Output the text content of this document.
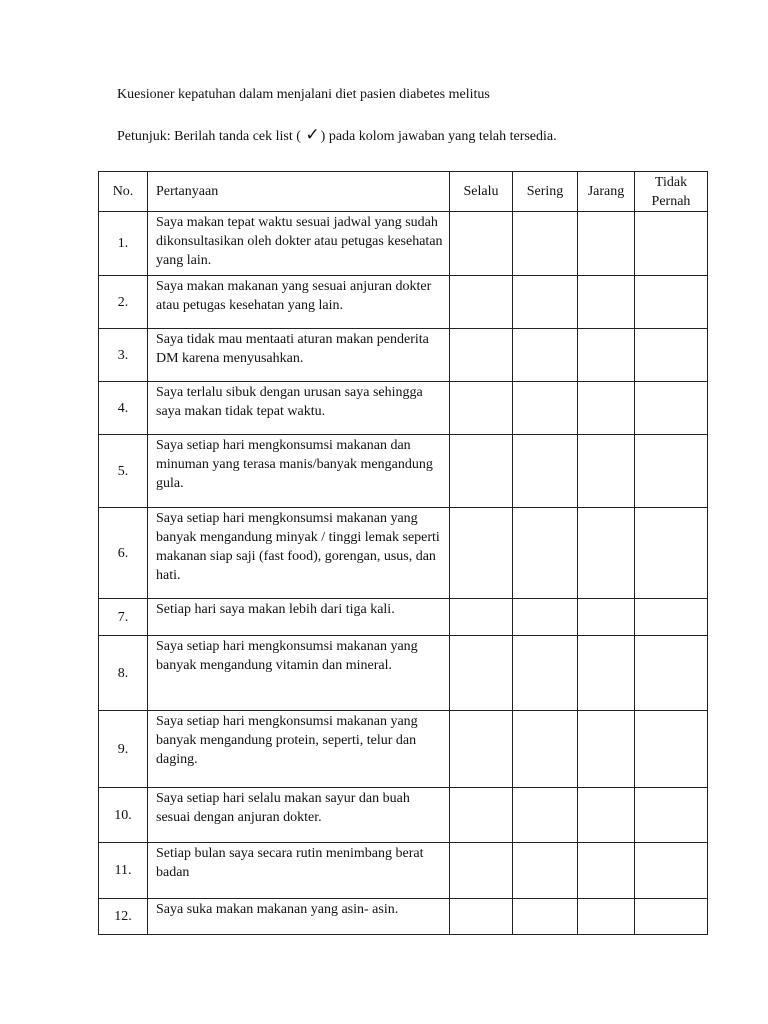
Kuesioner kepatuhan dalam menjalani diet pasien diabetes melitus
Petunjuk: Berilah tanda cek list ( ✓) pada kolom jawaban yang telah tersedia.
No.	Pertanyaan	Selalu	Sering	Jarang	Tidak
Pernah
1.	Saya makan tepat waktu sesuai jadwal yang sudah dikonsultasikan oleh dokter atau petugas kesehatan yang lain.				

2.	Saya makan makanan yang sesuai anjuran dokter atau petugas kesehatan yang lain.				

3.	Saya tidak mau mentaati aturan makan penderita DM karena menyusahkan.				

4.	Saya terlalu sibuk dengan urusan saya sehingga saya makan tidak tepat waktu.				

5.	Saya setiap hari mengkonsumsi makanan dan minuman yang terasa manis/banyak mengandung gula.				

6.	Saya setiap hari mengkonsumsi makanan yang banyak mengandung minyak / tinggi lemak seperti makanan siap saji (fast food), gorengan, usus, dan hati.				

7.	Setiap hari saya makan lebih dari tiga kali.				

8.	Saya setiap hari mengkonsumsi makanan yang banyak mengandung vitamin dan mineral.				

9.	Saya setiap hari mengkonsumsi makanan yang banyak mengandung protein, seperti, telur dan daging.				

10.	Saya setiap hari selalu makan sayur dan buah sesuai dengan anjuran dokter.				

11.	Setiap bulan saya secara rutin menimbang berat badan				

12.	Saya suka makan makanan yang asin- asin.				
